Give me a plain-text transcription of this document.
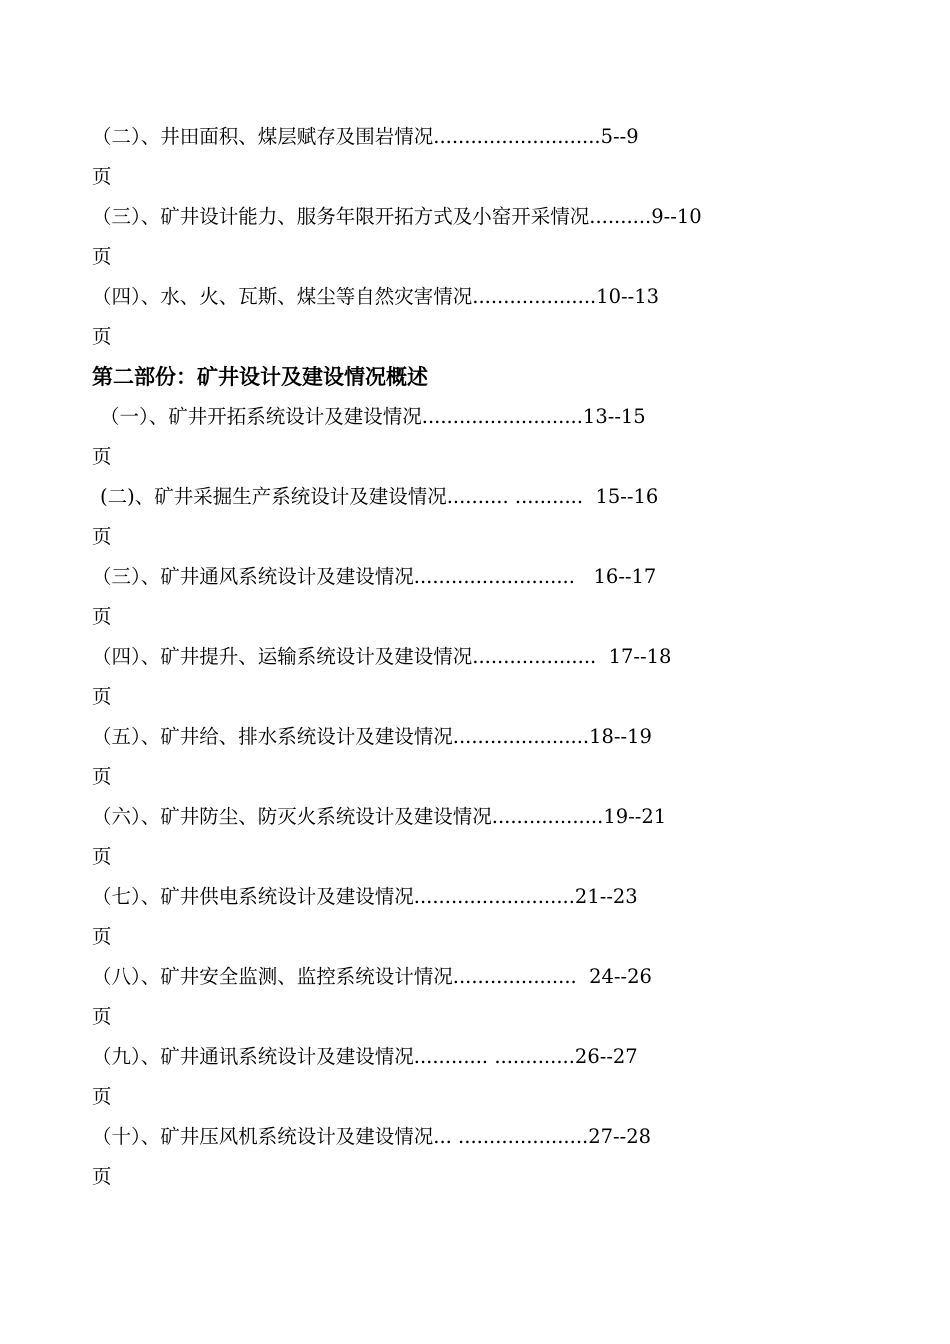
（二）、井田面积、煤层赋存及围岩情况...........................5--9
页
（三）、矿井设计能力、服务年限开拓方式及小窑开采情况..........9--10
页
（四）、水、火、瓦斯、煤尘等自然灾害情况....................10--13
页
第二部份：矿井设计及建设情况概述
（一）、矿井开拓系统设计及建设情况..........................13--15
页
(二)、矿井采掘生产系统设计及建设情况.......... ...........  15--16
页
（三）、矿井通风系统设计及建设情况..........................   16--17
页
（四）、矿井提升、运输系统设计及建设情况....................  17--18
页
（五）、矿井给、排水系统设计及建设情况......................18--19
页
（六）、矿井防尘、防灭火系统设计及建设情况..................19--21
页
（七）、矿井供电系统设计及建设情况..........................21--23
页
（八）、矿井安全监测、监控系统设计情况....................  24--26
页
（九）、矿井通讯系统设计及建设情况............ .............26--27
页
（十）、矿井压风机系统设计及建设情况... .....................27--28
页
